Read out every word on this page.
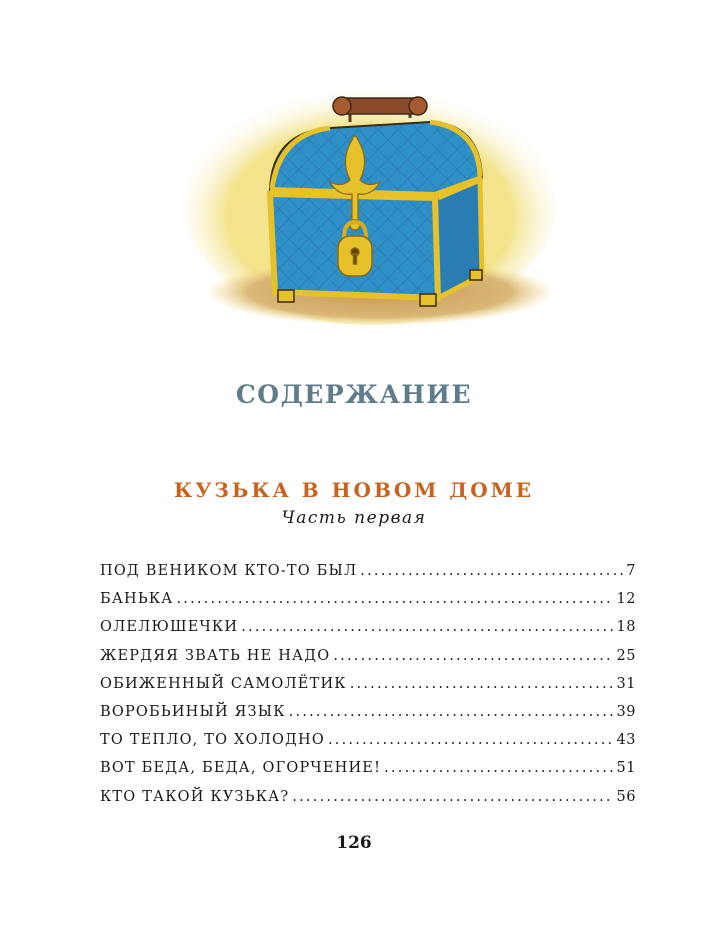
СОДЕРЖАНИЕ
КУЗЬКА В НОВОМ ДОМЕ
Часть первая
ПОД ВЕНИКОМ КТО-ТО БЫЛ . . .	7
БАНЬКА . . .	12
ОЛЕЛЮШЕЧКИ . . .	18
ЖЕРДЯЯ ЗВАТЬ НЕ НАДО . . .	25
ОБИЖЕННЫЙ САМОЛЁТИК . . .	31
ВОРОБЬИНЫЙ ЯЗЫК . . .	39
ТО ТЕПЛО, ТО ХОЛОДНО . . .	43
ВОТ БЕДА, БЕДА, ОГОРЧЕНИЕ! . . .	51
КТО ТАКОЙ КУЗЬКА? . . .	56
126
